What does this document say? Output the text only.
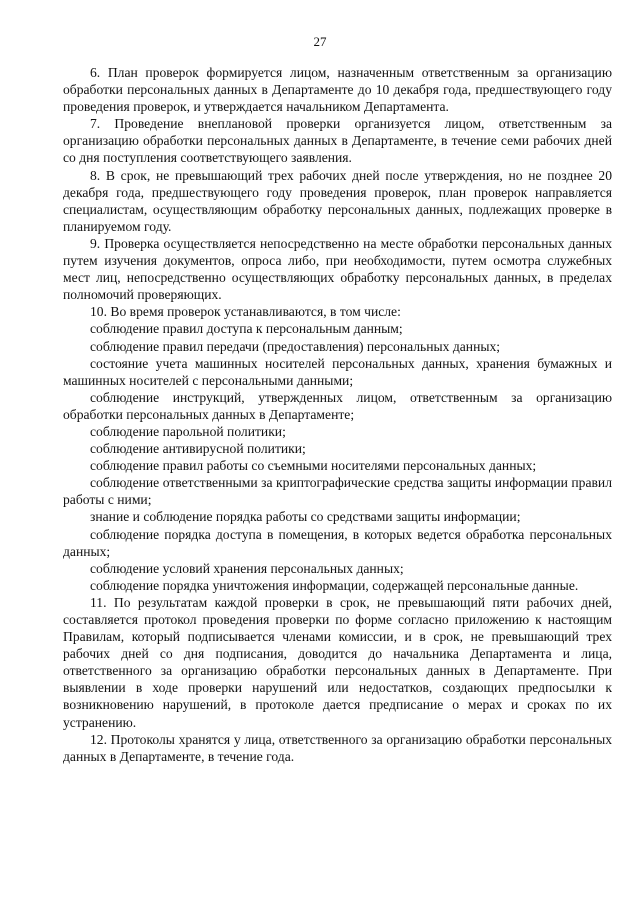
27

6. План проверок формируется лицом, назначенным ответственным за организацию обработки персональных данных в Департаменте до 10 декабря года, предшествующего году проведения проверок, и утверждается начальником Департамента.

7. Проведение внеплановой проверки организуется лицом, ответственным за организацию обработки персональных данных в Департаменте, в течение семи рабочих дней со дня поступления соответствующего заявления.

8. В срок, не превышающий трех рабочих дней после утверждения, но не позднее 20 декабря года, предшествующего году проведения проверок, план проверок направляется специалистам, осуществляющим обработку персональных данных, подлежащих проверке в планируемом году.

9. Проверка осуществляется непосредственно на месте обработки персональных данных путем изучения документов, опроса либо, при необходимости, путем осмотра служебных мест лиц, непосредственно осуществляющих обработку персональных данных, в пределах полномочий проверяющих.

10. Во время проверок устанавливаются, в том числе:

соблюдение правил доступа к персональным данным;

соблюдение правил передачи (предоставления) персональных данных;

состояние учета машинных носителей персональных данных, хранения бумажных и машинных носителей с персональными данными;

соблюдение инструкций, утвержденных лицом, ответственным за организацию обработки персональных данных в Департаменте;

соблюдение парольной политики;

соблюдение антивирусной политики;

соблюдение правил работы со съемными носителями персональных данных;

соблюдение ответственными за криптографические средства защиты информации правил работы с ними;

знание и соблюдение порядка работы со средствами защиты информации;

соблюдение порядка доступа в помещения, в которых ведется обработка персональных данных;

соблюдение условий хранения персональных данных;

соблюдение порядка уничтожения информации, содержащей персональные данные.

11. По результатам каждой проверки в срок, не превышающий пяти рабочих дней, составляется протокол проведения проверки по форме согласно приложению к настоящим Правилам, который подписывается членами комиссии, и в срок, не превышающий трех рабочих дней со дня подписания, доводится до начальника Департамента и лица, ответственного за организацию обработки персональных данных в Департаменте. При выявлении в ходе проверки нарушений или недостатков, создающих предпосылки к возникновению нарушений, в протоколе дается предписание о мерах и сроках по их устранению.

12. Протоколы хранятся у лица, ответственного за организацию обработки персональных данных в Департаменте, в течение года.
